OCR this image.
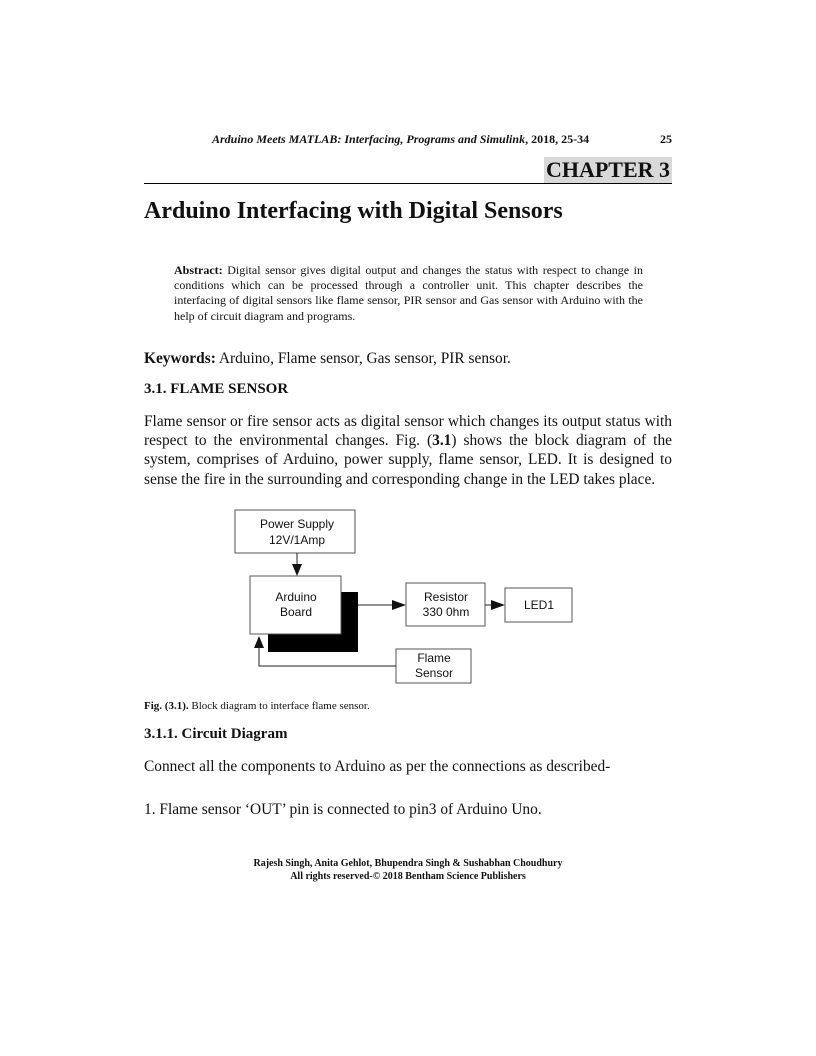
Arduino Meets MATLAB: Interfacing, Programs and Simulink, 2018, 25-34	25
CHAPTER 3
Arduino Interfacing with Digital Sensors
Abstract: Digital sensor gives digital output and changes the status with respect to change in conditions which can be processed through a controller unit. This chapter describes the interfacing of digital sensors like flame sensor, PIR sensor and Gas sensor with Arduino with the help of circuit diagram and programs.
Keywords: Arduino, Flame sensor, Gas sensor, PIR sensor.
3.1. FLAME SENSOR
Flame sensor or fire sensor acts as digital sensor which changes its output status with respect to the environmental changes. Fig. (3.1) shows the block diagram of the system, comprises of Arduino, power supply, flame sensor, LED. It is designed to sense the fire in the surrounding and corresponding change in the LED takes place.
Power Supply
12V/1Amp
Arduino
Board
Resistor
330 0hm	LED1
Flame
Sensor
Fig. (3.1). Block diagram to interface flame sensor.
3.1.1. Circuit Diagram
Connect all the components to Arduino as per the connections as described-
1. Flame sensor ‘OUT’ pin is connected to pin3 of Arduino Uno.
Rajesh Singh, Anita Gehlot, Bhupendra Singh & Sushabhan Choudhury
All rights reserved-© 2018 Bentham Science Publishers
